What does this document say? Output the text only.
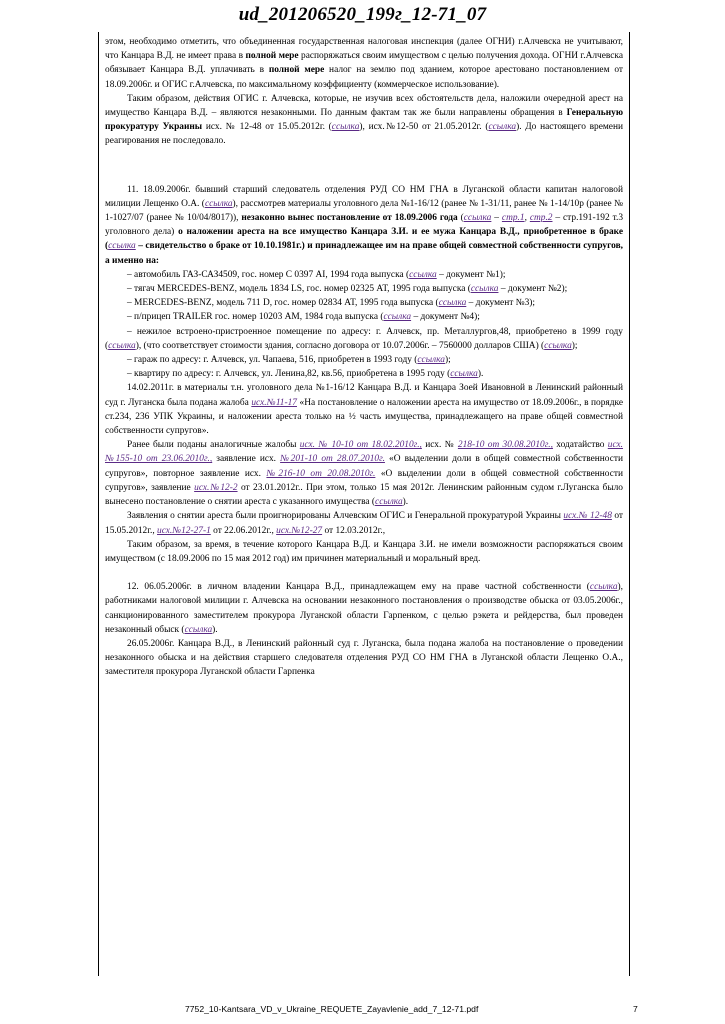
ud_201206520_199г_12-71_07

этом, необходимо отметить, что объединенная государственная налоговая инспекция (далее ОГНИ) г.Алчевска не учитывают, что Канцара В.Д. не имеет права в полной мере распоряжаться своим имуществом с целью получения дохода. ОГНИ г.Алчевска обязывает Канцара В.Д. уплачивать в полной мере налог на землю под зданием, которое арестовано постановлением от 18.09.2006г. и ОГИС г.Алчевска, по максимальному коэффициенту (коммерческое использование).

Таким образом, действия ОГИС г. Алчевска, которые, не изучив всех обстоятельств дела, наложили очередной арест на имущество Канцара В.Д. – являются незаконными. По данным фактам так же были направлены обращения в Генеральную прокуратуру Украины исх. № 12-48 от 15.05.2012г. (ссылка), исх.№12-50 от 21.05.2012г. (ссылка). До настоящего времени реагирования не последовало.

11. 18.09.2006г. бывший старший следователь отделения РУД СО НМ ГНА в Луганской области капитан налоговой милиции Лещенко О.А. (ссылка), рассмотрев материалы уголовного дела №1-16/12 (ранее № 1-31/11, ранее № 1-14/10р (ранее № 1-1027/07 (ранее № 10/04/8017)), незаконно вынес постановление от 18.09.2006 года (ссылка – стр.1, стр.2 – стр.191-192 т.3 уголовного дела) о наложении ареста на все имущество Канцара З.И. и ее мужа Канцара В.Д., приобретенное в браке (ссылка – свидетельство о браке от 10.10.1981г.) и принадлежащее им на праве общей совместной собственности супругов, а именно на:

– автомобиль ГАЗ-САЗ4509, гос. номер С 0397 АІ, 1994 года выпуска (ссылка – документ №1);

– тягач MERCEDES-BENZ, модель 1834 LS, гос. номер 02325 АТ, 1995 года выпуска (ссылка – документ №2);

– MERCEDES-BENZ, модель 711 D, гос. номер 02834 АТ, 1995 года выпуска (ссылка – документ №3);

– п/прицеп TRAILER гос. номер 10203 АМ, 1984 года выпуска (ссылка – документ №4);

– нежилое встроено-пристроенное помещение по адресу: г. Алчевск, пр. Металлургов,48, приобретено в 1999 году (ссылка), (что соответствует стоимости здания, согласно договора от 10.07.2006г. – 7560000 долларов США) (ссылка);

– гараж по адресу: г. Алчевск, ул. Чапаева, 516, приобретен в 1993 году (ссылка);

– квартиру по адресу: г. Алчевск, ул. Ленина,82, кв.56, приобретена в 1995 году (ссылка).

14.02.2011г. в материалы т.н. уголовного дела №1-16/12 Канцара В.Д. и Канцара Зоей Ивановной в Ленинский районный суд г. Луганска была подана жалоба исх.№11-17 «На постановление о наложении ареста на имущество от 18.09.2006г., в порядке ст.234, 236 УПК Украины, и наложении ареста только на ½ часть имущества, принадлежащего на праве общей совместной собственности супругов».

Ранее были поданы аналогичные жалобы исх. № 10-10 от 18.02.2010г., исх. № 218-10 от 30.08.2010г., ходатайство исх.№155-10 от 23.06.2010г., заявление исх. №201-10 от 28.07.2010г. «О выделении доли в общей совместной собственности супругов», повторное заявление исх. №216-10 от 20.08.2010г. «О выделении доли в общей совместной собственности супругов», заявление исх.№12-2 от 23.01.2012г.. При этом, только 15 мая 2012г. Ленинским районным судом г.Луганска было вынесено постановление о снятии ареста с указанного имущества (ссылка).

Заявления о снятии ареста были проигнорированы Алчевским ОГИС и Генеральной прокуратурой Украины исх.№ 12-48 от 15.05.2012г., исх.№12-27-1 от 22.06.2012г., исх.№12-27 от 12.03.2012г.,

Таким образом, за время, в течение которого Канцара В.Д. и Канцара З.И. не имели возможности распоряжаться своим имуществом (с 18.09.2006 по 15 мая 2012 год) им причинен материальный и моральный вред.

12. 06.05.2006г. в личном владении Канцара В.Д., принадлежащем ему на праве частной собственности (ссылка), работниками налоговой милиции г. Алчевска на основании незаконного постановления о производстве обыска от 03.05.2006г., санкционированного заместителем прокурора Луганской области Гарпенком, с целью рэкета и рейдерства, был проведен незаконный обыск (ссылка).

26.05.2006г. Канцара В.Д., в Ленинский районный суд г. Луганска, была подана жалоба на постановление о проведении незаконного обыска и на действия старшего следователя отделения РУД СО НМ ГНА в Луганской области Лещенко О.А., заместителя прокурора Луганской области Гарпенка

7752_10-Kantsara_VD_v_Ukraine_REQUETE_Zayavlenie_add_7_12-71.pdf	7
